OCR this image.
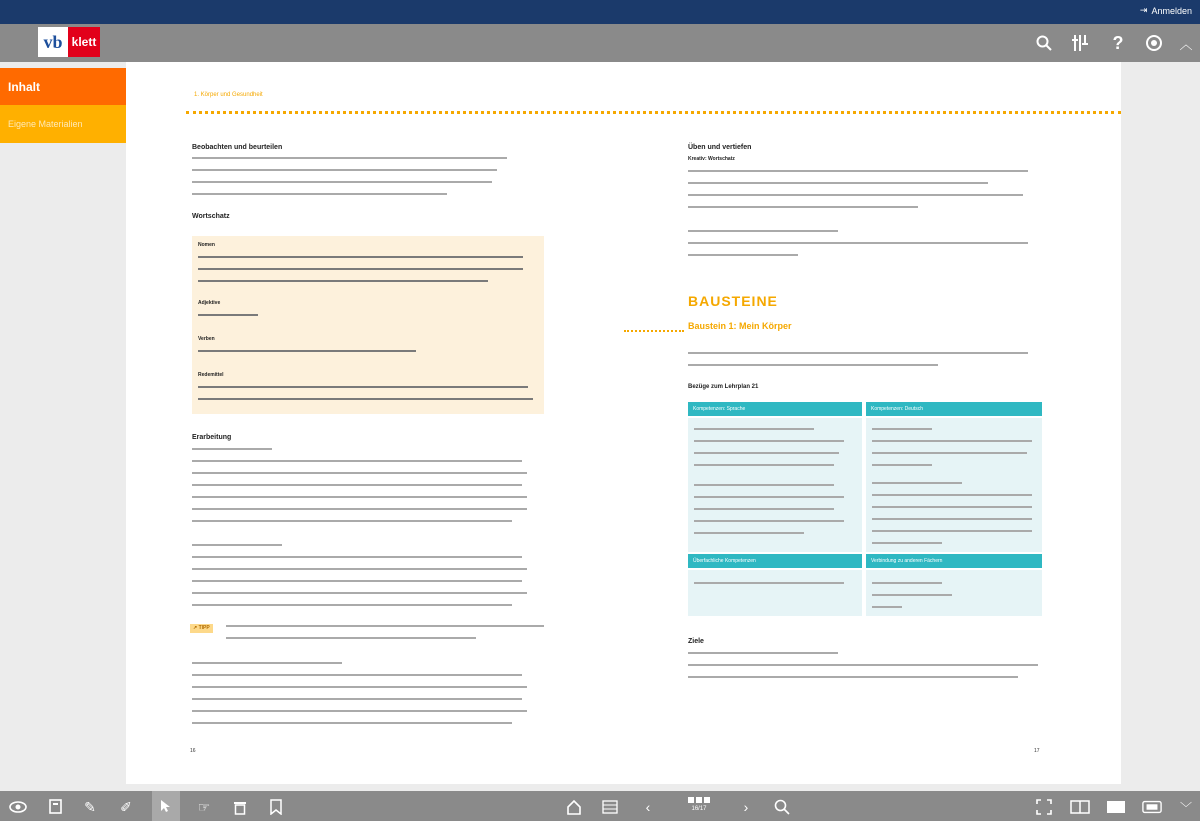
⇥ Anmelden
vb klett	?	︿
Inhalt
Eigene Materialien
1. Körper und Gesundheit
Beobachten und beurteilen
Wortschatz
Nomen
Adjektive
Verben
Redemittel
Erarbeitung
↗ TIPP
16
Üben und vertiefen
Kreativ: Wortschatz
BAUSTEINE
Baustein 1: Mein Körper
Bezüge zum Lehrplan 21
Kompetenzen: Sprache	Kompetenzen: Deutsch
Überfachliche Kompetenzen	Verbindung zu anderen Fächern
Ziele
17
✎ ✐	☞	‹	16/17	›	﹀
